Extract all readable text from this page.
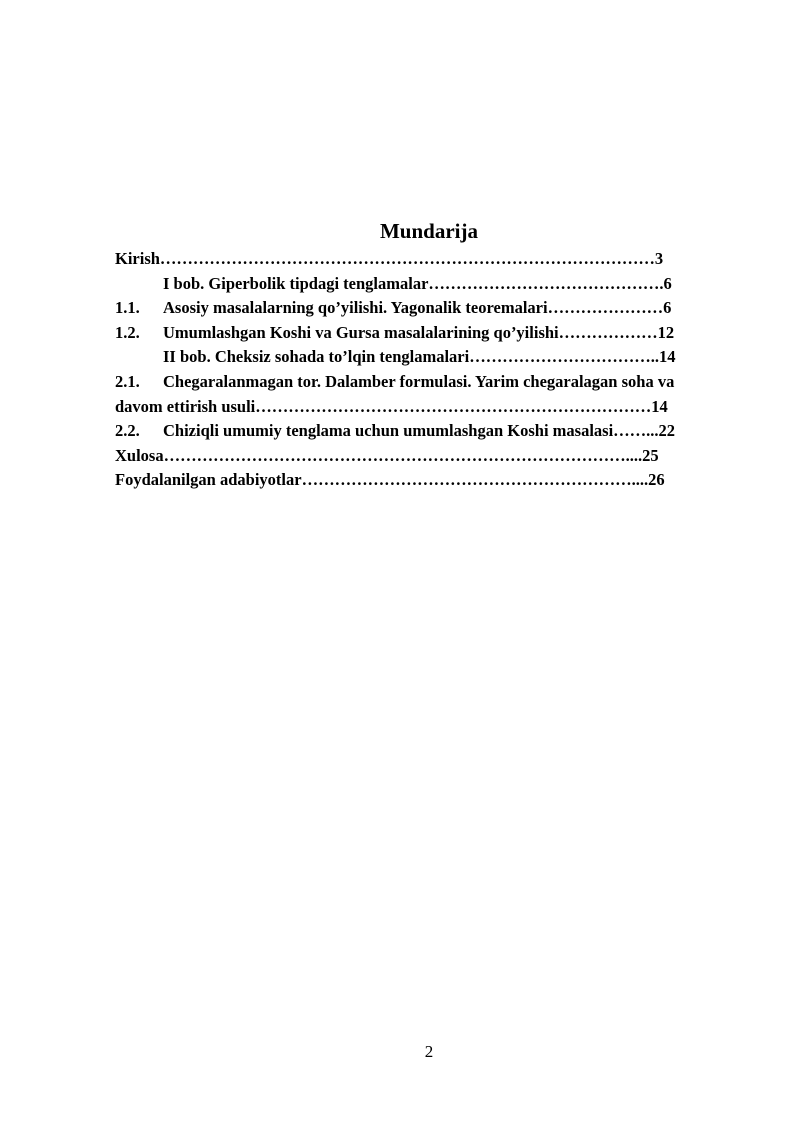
Mundarija
Kirish………………………………………………………………………………3
I bob. Giperbolik tipdagi tenglamalar…………………………………….6
1.1. Asosiy masalalarning qo’yilishi. Yagonalik teoremalari…………………6
1.2. Umumlashgan Koshi va Gursa masalalarining qo’yilishi………………12
II bob. Cheksiz sohada to’lqin tenglamalari……………………………..14
2.1. Chegaralanmagan tor. Dalamber formulasi. Yarim chegaralagan soha va
davom ettirish usuli………………………………………………………………14
2.2. Chiziqli umumiy tenglama uchun umumlashgan Koshi masalasi……...22
Xulosa…………………………………………………………………………....25
Foydalanilgan adabiyotlar……………………………………………………....26
2
